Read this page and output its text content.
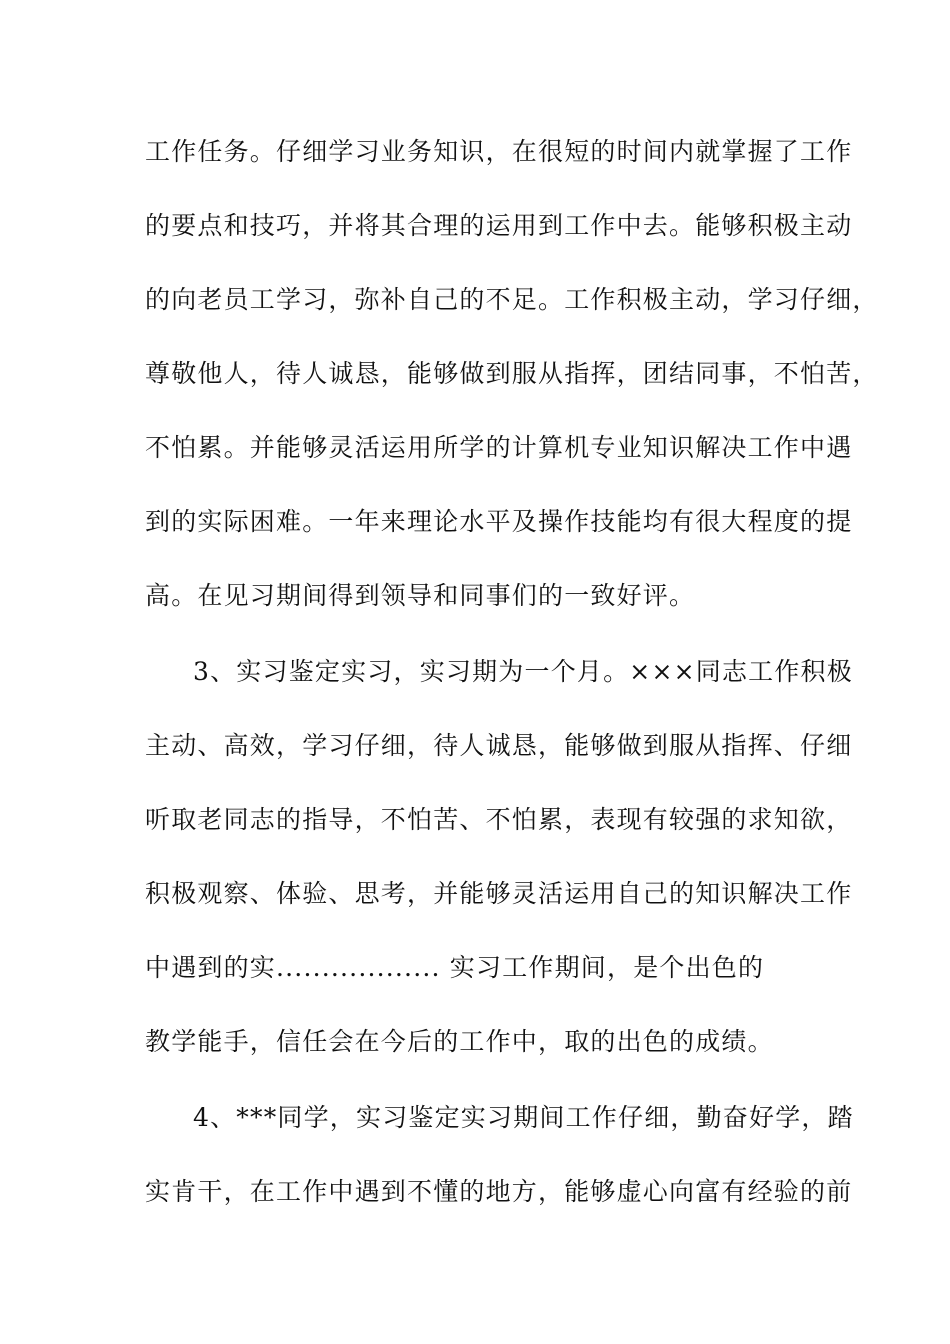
工作任务。仔细学习业务知识，在很短的时间内就掌握了工作
的要点和技巧，并将其合理的运用到工作中去。能够积极主动
的向老员工学习，弥补自己的不足。工作积极主动，学习仔细，
尊敬他人，待人诚恳，能够做到服从指挥，团结同事，不怕苦，
不怕累。并能够灵活运用所学的计算机专业知识解决工作中遇
到的实际困难。一年来理论水平及操作技能均有很大程度的提
高。在见习期间得到领导和同事们的一致好评。
3、实习鉴定实习，实习期为一个月。×××同志工作积极
主动、高效，学习仔细，待人诚恳，能够做到服从指挥、仔细
听取老同志的指导，不怕苦、不怕累，表现有较强的求知欲，
积极观察、体验、思考，并能够灵活运用自己的知识解决工作
中遇到的实.................. 实习工作期间，是个出色的
教学能手，信任会在今后的工作中，取的出色的成绩。
4、***同学，实习鉴定实习期间工作仔细，勤奋好学，踏
实肯干，在工作中遇到不懂的地方，能够虚心向富有经验的前
